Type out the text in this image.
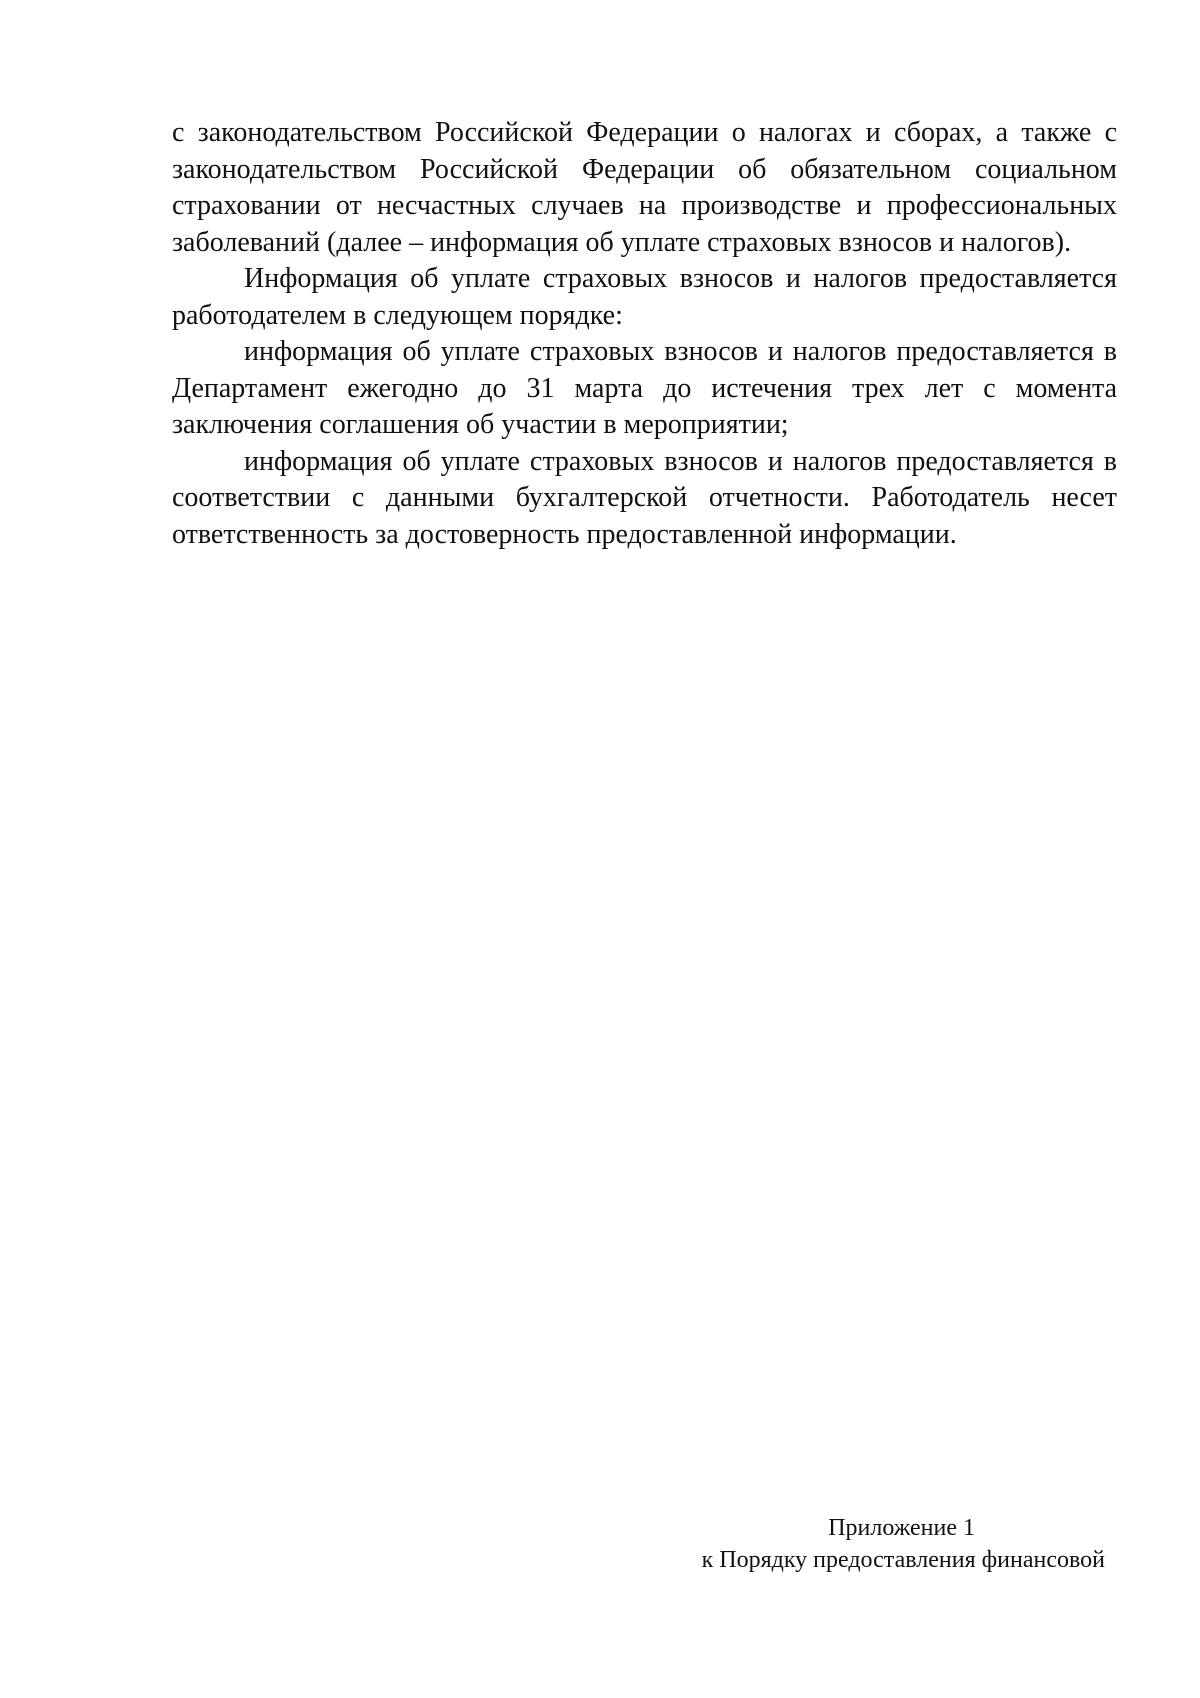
с законодательством Российской Федерации о налогах и сборах, а также с законодательством Российской Федерации об обязательном социальном страховании от несчастных случаев на производстве и профессиональных заболеваний (далее – информация об уплате страховых взносов и налогов).

Информация об уплате страховых взносов и налогов предоставляется работодателем в следующем порядке:

информация об уплате страховых взносов и налогов предоставляется в Департамент ежегодно до 31 марта до истечения трех лет с момента заключения соглашения об участии в мероприятии;

информация об уплате страховых взносов и налогов предоставляется в соответствии с данными бухгалтерской отчетности. Работодатель несет ответственность за достоверность предоставленной информации.

Приложение 1
к Порядку предоставления финансовой
